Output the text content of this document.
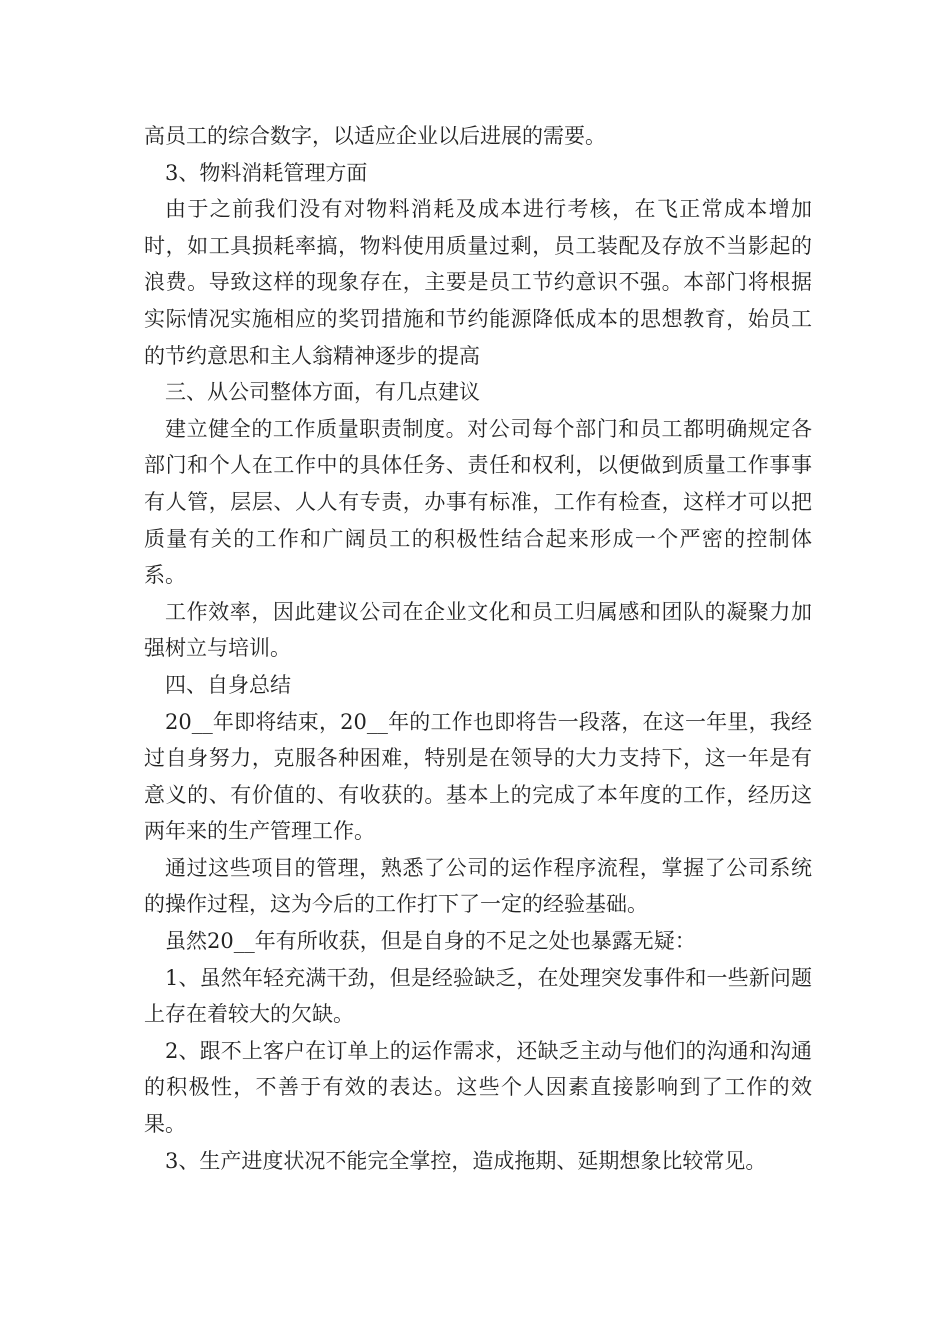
高员工的综合数字，以适应企业以后进展的需要。

3、物料消耗管理方面

由于之前我们没有对物料消耗及成本进行考核，在飞正常成本增加时，如工具损耗率搞，物料使用质量过剩，员工装配及存放不当影起的浪费。导致这样的现象存在，主要是员工节约意识不强。本部门将根据实际情况实施相应的奖罚措施和节约能源降低成本的思想教育，始员工的节约意思和主人翁精神逐步的提高

三、从公司整体方面，有几点建议

建立健全的工作质量职责制度。对公司每个部门和员工都明确规定各部门和个人在工作中的具体任务、责任和权利，以便做到质量工作事事有人管，层层、人人有专责，办事有标准，工作有检查，这样才可以把质量有关的工作和广阔员工的积极性结合起来形成一个严密的控制体系。

工作效率，因此建议公司在企业文化和员工归属感和团队的凝聚力加强树立与培训。

四、自身总结

20__年即将结束，20__年的工作也即将告一段落，在这一年里，我经过自身努力，克服各种困难，特别是在领导的大力支持下，这一年是有意义的、有价值的、有收获的。基本上的完成了本年度的工作，经历这两年来的生产管理工作。

通过这些项目的管理，熟悉了公司的运作程序流程，掌握了公司系统的操作过程，这为今后的工作打下了一定的经验基础。

虽然20__年有所收获，但是自身的不足之处也暴露无疑：

1、虽然年轻充满干劲，但是经验缺乏，在处理突发事件和一些新问题上存在着较大的欠缺。

2、跟不上客户在订单上的运作需求，还缺乏主动与他们的沟通和沟通的积极性，不善于有效的表达。这些个人因素直接影响到了工作的效果。

3、生产进度状况不能完全掌控，造成拖期、延期想象比较常见。
